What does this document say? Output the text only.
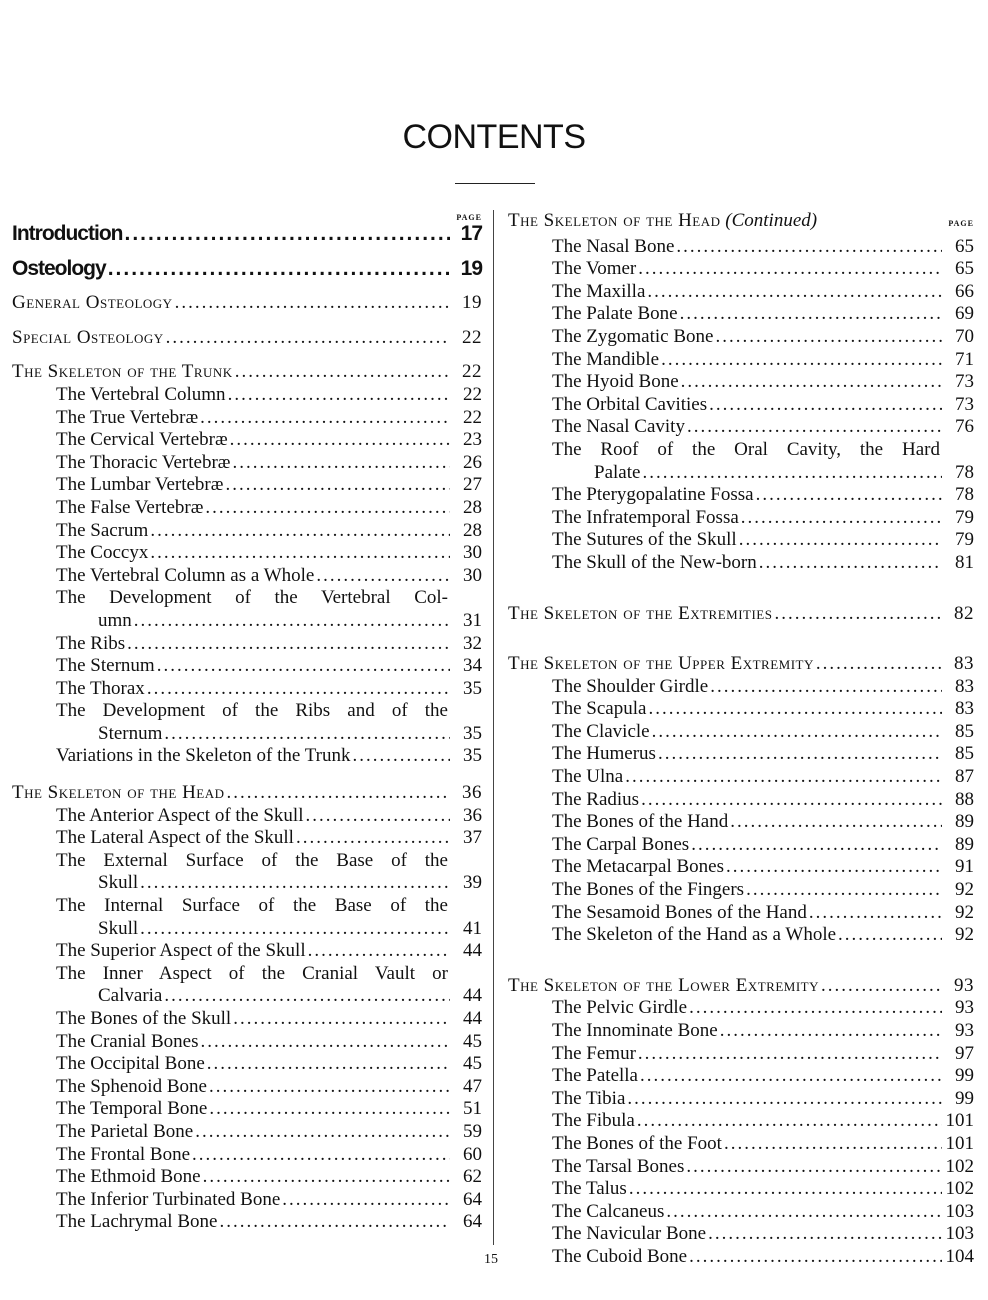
CONTENTS
PAGE
Introduction .....	17
Osteology .....	19
General Osteology .....	19
Special Osteology .....	22
The Skeleton of the Trunk .....	22
The Vertebral Column .....	22
The True Vertebræ .....	22
The Cervical Vertebræ .....	23
The Thoracic Vertebræ .....	26
The Lumbar Vertebræ .....	27
The False Vertebræ .....	28
The Sacrum .....	28
The Coccyx .....	30
The Vertebral Column as a Whole .....	30
The Development of the Vertebral Col-
umn .....	31
The Ribs .....	32
The Sternum .....	34
The Thorax .....	35
The Development of the Ribs and of the
Sternum .....	35
Variations in the Skeleton of the Trunk .....	35
The Skeleton of the Head .....	36
The Anterior Aspect of the Skull .....	36
The Lateral Aspect of the Skull .....	37
The External Surface of the Base of the
Skull .....	39
The Internal Surface of the Base of the
Skull .....	41
The Superior Aspect of the Skull .....	44
The Inner Aspect of the Cranial Vault or
Calvaria .....	44
The Bones of the Skull .....	44
The Cranial Bones .....	45
The Occipital Bone .....	45
The Sphenoid Bone .....	47
The Temporal Bone .....	51
The Parietal Bone .....	59
The Frontal Bone .....	60
The Ethmoid Bone .....	62
The Inferior Turbinated Bone .....	64
The Lachrymal Bone .....	64
The Skeleton of the Head (Continued)	PAGE
The Nasal Bone .....	65
The Vomer .....	65
The Maxilla .....	66
The Palate Bone .....	69
The Zygomatic Bone .....	70
The Mandible .....	71
The Hyoid Bone .....	73
The Orbital Cavities .....	73
The Nasal Cavity .....	76
The Roof of the Oral Cavity, the Hard
Palate .....	78
The Pterygopalatine Fossa .....	78
The Infratemporal Fossa .....	79
The Sutures of the Skull .....	79
The Skull of the New-born .....	81
The Skeleton of the Extremities .....	82
The Skeleton of the Upper Extremity .....	83
The Shoulder Girdle .....	83
The Scapula .....	83
The Clavicle .....	85
The Humerus .....	85
The Ulna .....	87
The Radius .....	88
The Bones of the Hand .....	89
The Carpal Bones .....	89
The Metacarpal Bones .....	91
The Bones of the Fingers .....	92
The Sesamoid Bones of the Hand .....	92
The Skeleton of the Hand as a Whole .....	92
The Skeleton of the Lower Extremity .....	93
The Pelvic Girdle .....	93
The Innominate Bone .....	93
The Femur .....	97
The Patella .....	99
The Tibia .....	99
The Fibula .....	101
The Bones of the Foot .....	101
The Tarsal Bones .....	102
The Talus .....	102
The Calcaneus .....	103
The Navicular Bone .....	103
The Cuboid Bone .....	104
15
